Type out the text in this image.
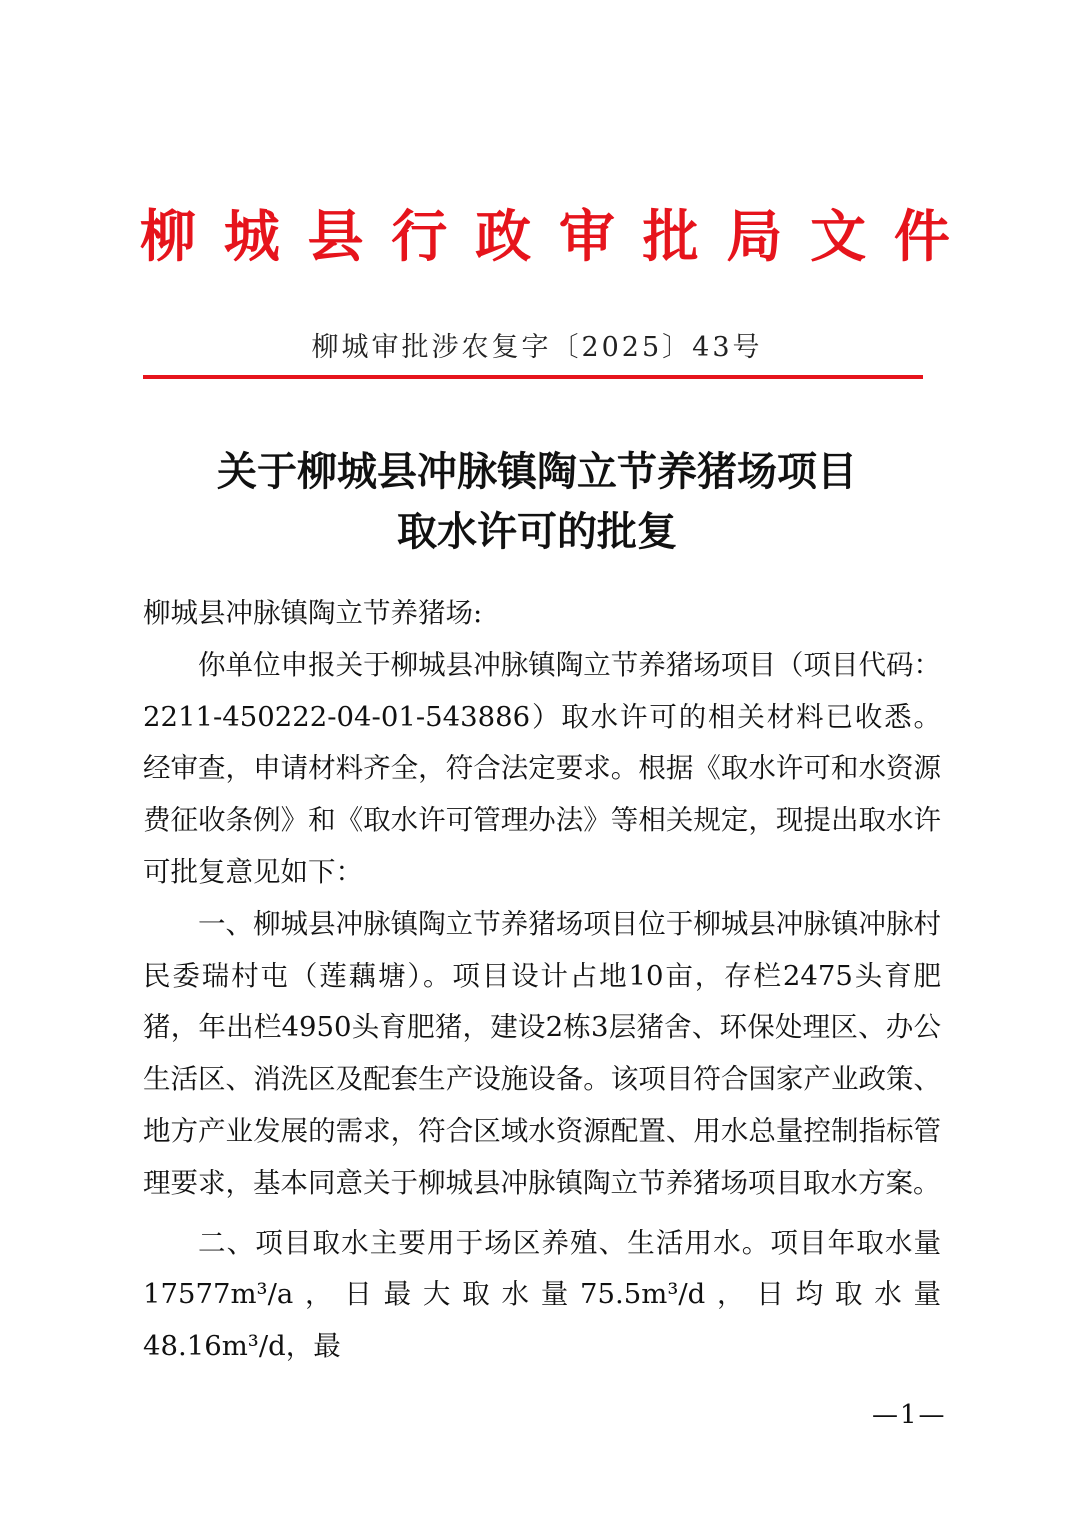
柳 城 县 行 政 审 批 局 文 件
柳城审批涉农复字〔2025〕43号
关于柳城县冲脉镇陶立节养猪场项目
取水许可的批复

柳城县冲脉镇陶立节养猪场:

你单位申报关于柳城县冲脉镇陶立节养猪场项目（项目代码：2211-450222-04-01-543886）取水许可的相关材料已收悉。经审查，申请材料齐全，符合法定要求。根据《取水许可和水资源费征收条例》和《取水许可管理办法》等相关规定，现提出取水许可批复意见如下：

一、柳城县冲脉镇陶立节养猪场项目位于柳城县冲脉镇冲脉村民委瑞村屯（莲藕塘）。项目设计占地10亩，存栏2475头育肥猪，年出栏4950头育肥猪，建设2栋3层猪舍、环保处理区、办公生活区、消洗区及配套生产设施设备。该项目符合国家产业政策、地方产业发展的需求，符合区域水资源配置、用水总量控制指标管理要求，基本同意关于柳城县冲脉镇陶立节养猪场项目取水方案。

二、项目取水主要用于场区养殖、生活用水。项目年取水量17577m³/a，日最大取水量75.5m³/d，日均取水量48.16m³/d，最

—1—
